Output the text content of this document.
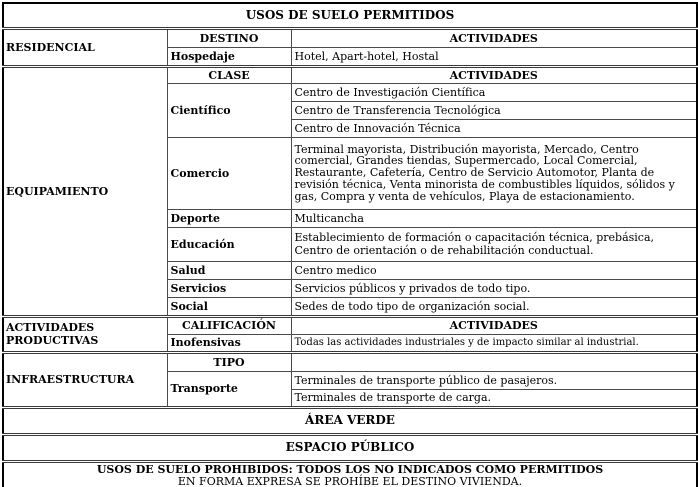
USOS DE SUELO PERMITIDOS		
RESIDENCIAL	DESTINO	ACTIVIDADES
	Hospedaje	Hotel, Apart-hotel, Hostal
EQUIPAMIENTO	CLASE	ACTIVIDADES
	Científico	Centro de Investigación Científica
		Centro de Transferencia Tecnológica
		Centro de Innovación Técnica
	Comercio	Terminal mayorista, Distribución mayorista, Mercado, Centro comercial, Grandes tiendas, Supermercado, Local Comercial, Restaurante, Cafetería, Centro de Servicio Automotor, Planta de revisión técnica, Venta minorista de combustibles líquidos, sólidos y gas, Compra y venta de vehículos, Playa de estacionamiento.
	Deporte	Multicancha
	Educación	Establecimiento de formación o capacitación técnica, prebásica, Centro de orientación o de rehabilitación conductual.
	Salud	Centro medico
	Servicios	Servicios públicos y privados de todo tipo.
	Social	Sedes de todo tipo de organización social.
ACTIVIDADES PRODUCTIVAS	CALIFICACIÓN	ACTIVIDADES
	Inofensivas	Todas las actividades industriales y de impacto similar al industrial.
INFRAESTRUCTURA	TIPO	
	Transporte	Terminales de transporte público de pasajeros.
		Terminales de transporte de carga.
ÁREA VERDE		
ESPACIO PÚBLICO		

USOS DE SUELO PROHIBIDOS: TODOS LOS NO INDICADOS COMO PERMITIDOS
EN FORMA EXPRESA SE PROHÍBE EL DESTINO VIVIENDA.		
